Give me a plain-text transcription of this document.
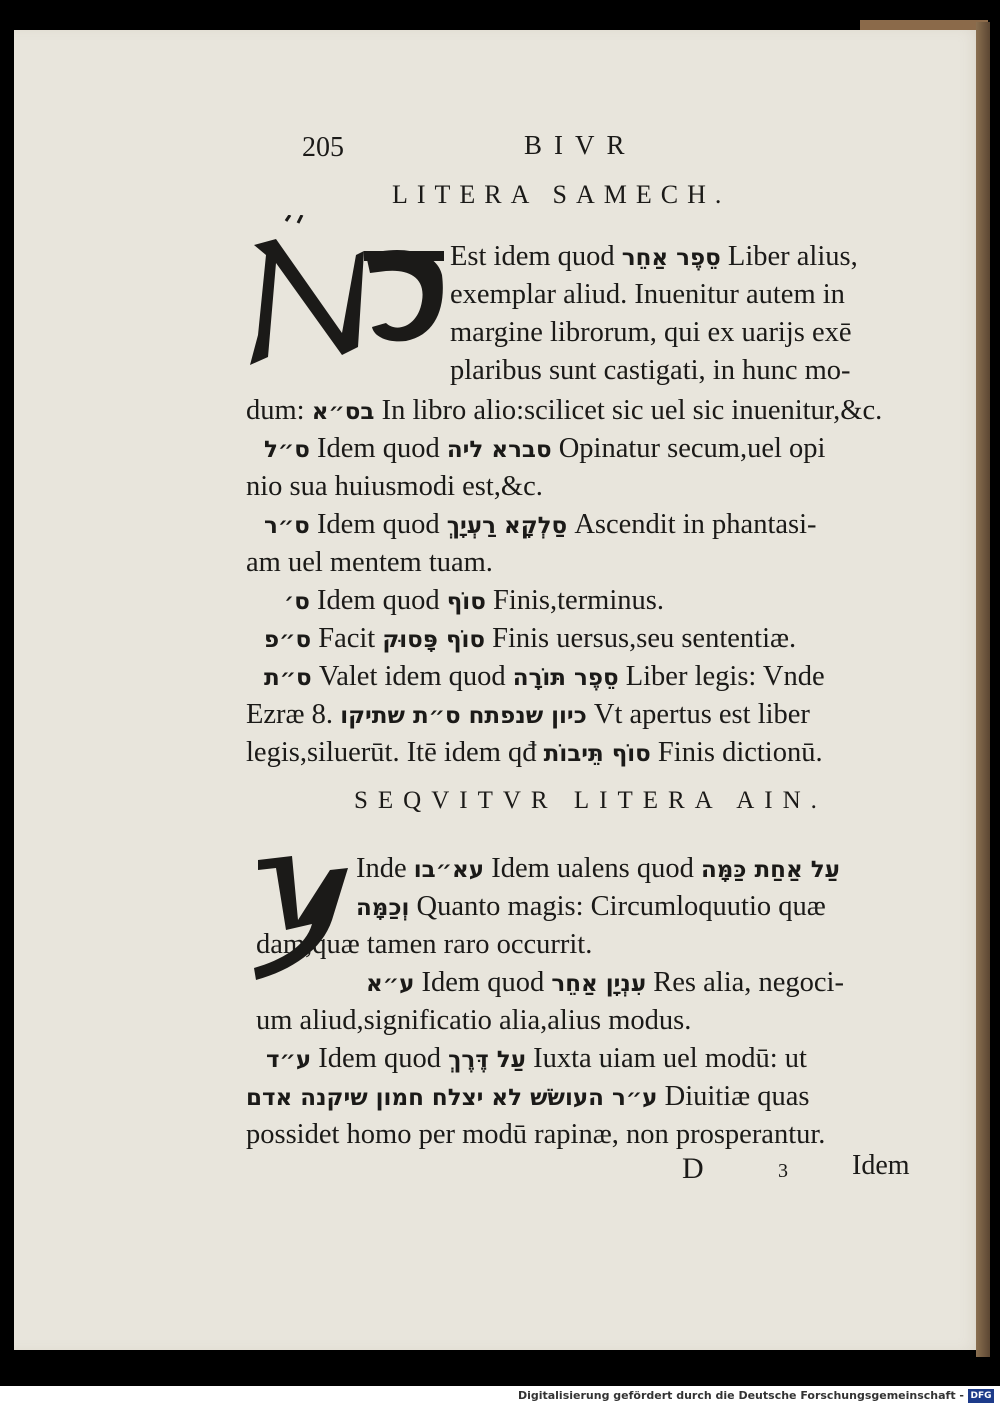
205	BIVR
LITERA SAMECH.
Est idem quod סֵפֶר אַחֵר Liber alius,
exemplar aliud. Inuenitur autem in
margine librorum, qui ex uarijs exē
plaribus sunt castigati, in hunc mo-
dum: בס״א In libro alio:scilicet sic uel sic inuenitur,&c.
ס״ל Idem quod סברא ליה Opinatur secum,uel opi
nio sua huiusmodi est,&c.
ס״ר Idem quod סַלְקָא רַעְיָךְ Ascendit in phantasi-
am uel mentem tuam.
ס׳ Idem quod סוֹף Finis,terminus.
ס״פ Facit סוֹף פָּסוּק Finis uersus,seu sententiæ.
ס״ת Valet idem quod סֵפֶר תּוֹרָה Liber legis: Vnde
Ezræ 8. כיון שנפתח ס״ת שתיקו Vt apertus est liber
legis,siluerūt. Itē idem qđ סוֹף תֵּיבוֹת Finis dictionū.
SEQVITVR LITERA AIN.
Inde עא״בו Idem ualens quod עַל אַחַת כַּמָּה
וְכַמָּה Quanto magis: Circumloquutio quæ
dam,quæ tamen raro occurrit.
ע״א Idem quod עִנְיָן אַחֵר Res alia, negoci-
um aliud,significatio alia,alius modus.
ע״ד Idem quod עַל דֶּרֶךְ Iuxta uiam uel modū: ut
ע״ר העושׂשׁ לא יצלח חמון שיקנה אדם Diuitiæ quas
possidet homo per modū rapinæ, non prosperantur.
D	3 Idem
Digitalisierung gefördert durch die Deutsche Forschungsgemeinschaft - DFG
